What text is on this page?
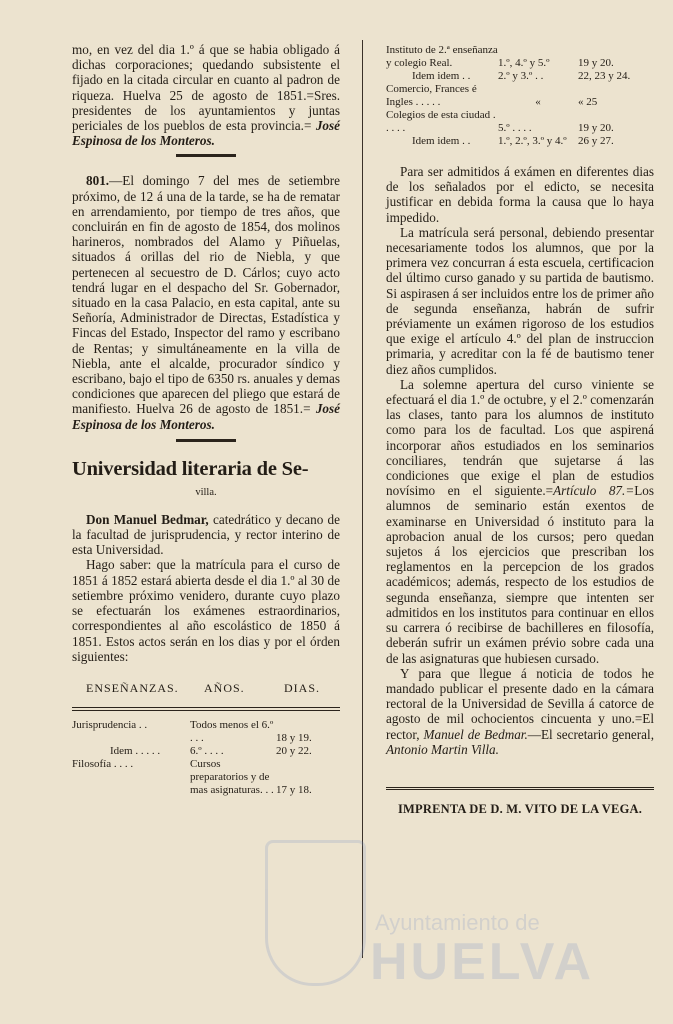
mo, en vez del dia 1.º á que se habia obligado á dichas corporaciones; quedando subsistente el fijado en la citada circular en cuanto al padron de riqueza. Huelva 25 de agosto de 1851.=Sres. presidentes de los ayuntamientos y juntas periciales de los pueblos de esta provincia.= José Espinosa de los Monteros.

801.—El domingo 7 del mes de setiembre próximo, de 12 á una de la tarde, se ha de rematar en arrendamiento, por tiempo de tres años, que concluirán en fin de agosto de 1854, dos molinos harineros, nombrados del Alamo y Piñuelas, situados á orillas del rio de Niebla, y que pertenecen al secuestro de D. Cárlos; cuyo acto tendrá lugar en el despacho del Sr. Gobernador, situado en la casa Palacio, en esta capital, ante su Señoría, Administrador de Directas, Estadística y Fincas del Estado, Inspector del ramo y escribano de Rentas; y simultáneamente en la villa de Niebla, ante el alcalde, procurador síndico y escribano, bajo el tipo de 6350 rs. anuales y demas condiciones que aparecen del pliego que estará de manifiesto. Huelva 26 de agosto de 1851.= José Espinosa de los Monteros.

Universidad literaria de Se-

villa.

Don Manuel Bedmar, catedrático y decano de la facultad de jurisprudencia, y rector interino de esta Universidad.

Hago saber: que la matrícula para el curso de 1851 á 1852 estará abierta desde el dia 1.º al 30 de setiembre próximo venidero, durante cuyo plazo se efectuarán los exámenes estraordinarios, correspondientes al año escolástico de 1850 á 1851. Estos actos serán en los dias y por el órden siguientes:

ENSEÑANZAS.	AÑOS.	DIAS.
Jurisprudencia . .	Todos menos el 6.º . . .	18 y 19.
Idem . . . . .	6.º . . . .	20 y 22.
Filosofía . . . .	Cursos preparatorios y de mas asignaturas. . .	17 y 18.
Instituto de 2.ª enseñanza y colegio Real.	1.º, 4.º y 5.º	19 y 20.
Idem idem . .	2.º y 3.º . .	22, 23 y 24.
Comercio, Frances é Ingles . . . . .	«	« 25
Colegios de esta ciudad . . . . .	5.º . . . .	19 y 20.
Idem idem . .	1.º, 2.º, 3.º y 4.º	26 y 27.

Para ser admitidos á exámen en diferentes dias de los señalados por el edicto, se necesita justificar en debida forma la causa que lo haya impedido.

La matrícula será personal, debiendo presentar necesariamente todos los alumnos, que por la primera vez concurran á esta escuela, certificacion del último curso ganado y su partida de bautismo. Si aspirasen á ser incluidos entre los de primer año de segunda enseñanza, habrán de sufrir préviamente un exámen rigoroso de los estudios que exige el artículo 4.º del plan de instruccion primaria, y acreditar con la fé de bautismo tener diez años cumplidos.

La solemne apertura del curso viniente se efectuará el dia 1.º de octubre, y el 2.º comenzarán las clases, tanto para los alumnos de instituto como para los de facultad. Los que aspirená incorporar años estudiados en los seminarios conciliares, tendrán que sujetarse á las condiciones que exige el plan de estudios novísimo en el siguiente.=Artículo 87.=Los alumnos de seminario están exentos de examinarse en Universidad ó instituto para la aprobacion anual de los cursos; pero quedan sujetos á los ejercicios que prescriban los reglamentos en la percepcion de los grados académicos; además, respecto de los estudios de segunda enseñanza, siempre que intenten ser admitidos en los institutos para continuar en ellos su carrera ó recibirse de bachilleres en filosofía, deberán sufrir un exámen prévio sobre cada una de las asignaturas que hubiesen cursado.

Y para que llegue á noticia de todos he mandado publicar el presente dado en la cámara rectoral de la Universidad de Sevilla á catorce de agosto de mil ochocientos cincuenta y uno.=El rector, Manuel de Bedmar.—El secretario general, Antonio Martin Villa.

IMPRENTA DE D. M. VITO DE LA VEGA.

Ayuntamiento de
HUELVA
